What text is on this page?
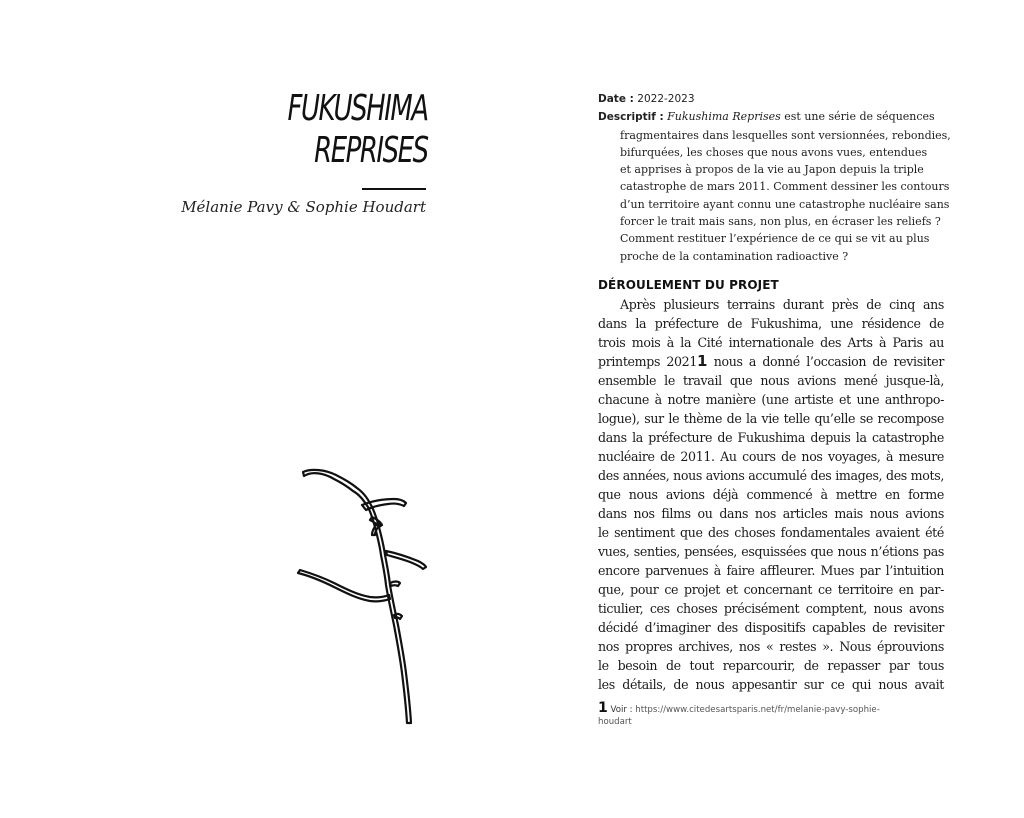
FUKUSHIMA
REPRISES
Mélanie Pavy & Sophie Houdart
Date : 2022-2023
Descriptif : Fukushima Reprises est une série de séquences
fragmentaires dans lesquelles sont versionnées, rebondies,
bifurquées, les choses que nous avons vues, entendues
et apprises à propos de la vie au Japon depuis la triple
catastrophe de mars 2011. Comment dessiner les contours
d’un territoire ayant connu une catastrophe nucléaire sans
forcer le trait mais sans, non plus, en écraser les reliefs ?
Comment restituer l’expérience de ce qui se vit au plus
proche de la contamination radioactive ?
DÉROULEMENT DU PROJET
Après plusieurs terrains durant près de cinq ans
dans la préfecture de Fukushima, une résidence de
trois mois à la Cité internationale des Arts à Paris au
printemps 20211 nous a donné l’occasion de revisiter
ensemble le travail que nous avions mené jusque-là,
chacune à notre manière (une artiste et une anthropo-
logue), sur le thème de la vie telle qu’elle se recompose
dans la préfecture de Fukushima depuis la catastrophe
nucléaire de 2011. Au cours de nos voyages, à mesure
des années, nous avions accumulé des images, des mots,
que nous avions déjà commencé à mettre en forme
dans nos films ou dans nos articles mais nous avions
le sentiment que des choses fondamentales avaient été
vues, senties, pensées, esquissées que nous n’étions pas
encore parvenues à faire affleurer. Mues par l’intuition
que, pour ce projet et concernant ce territoire en par-
ticulier, ces choses précisément comptent, nous avons
décidé d’imaginer des dispositifs capables de revisiter
nos propres archives, nos « restes ». Nous éprouvions
le besoin de tout reparcourir, de repasser par tous
les détails, de nous appesantir sur ce qui nous avait
1 Voir : https://www.citedesartsparis.net/fr/melanie-pavy-sophie-
houdart
